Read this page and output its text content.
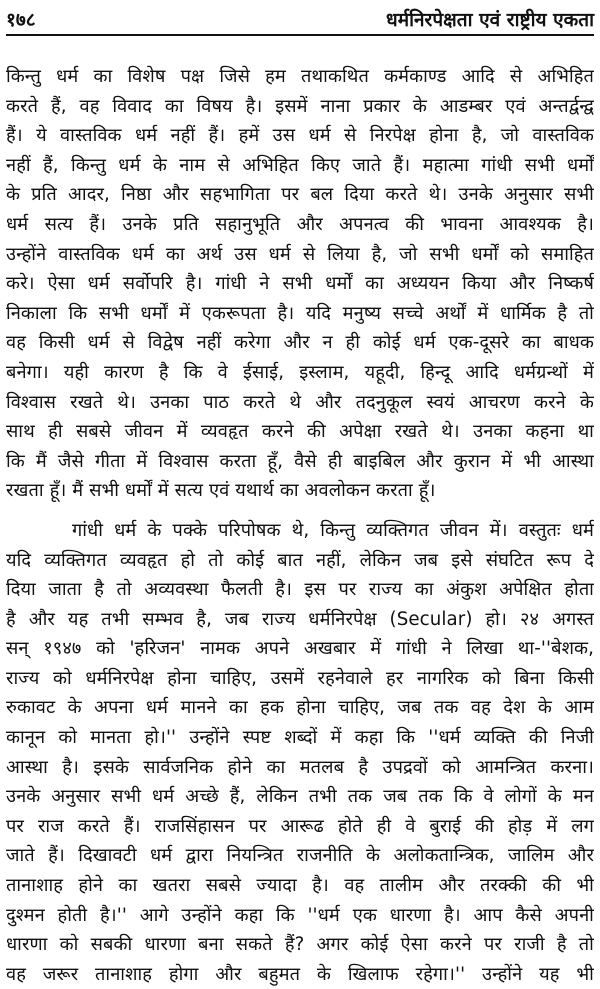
१७८	धर्मनिरपेक्षता एवं राष्ट्रीय एकता

किन्तु धर्म का विशेष पक्ष जिसे हम तथाकथित कर्मकाण्ड आदि से अभिहित
करते हैं, वह विवाद का विषय है। इसमें नाना प्रकार के आडम्बर एवं अन्तर्द्वन्द्व
हैं। ये वास्तविक धर्म नहीं हैं। हमें उस धर्म से निरपेक्ष होना है, जो वास्तविक
नहीं हैं, किन्तु धर्म के नाम से अभिहित किए जाते हैं। महात्मा गांधी सभी धर्मों
के प्रति आदर, निष्ठा और सहभागिता पर बल दिया करते थे। उनके अनुसार सभी
धर्म सत्य हैं। उनके प्रति सहानुभूति और अपनत्व की भावना आवश्यक है।
उन्होंने वास्तविक धर्म का अर्थ उस धर्म से लिया है, जो सभी धर्मों को समाहित
करे। ऐसा धर्म सर्वोपरि है। गांधी ने सभी धर्मों का अध्ययन किया और निष्कर्ष
निकाला कि सभी धर्मों में एकरूपता है। यदि मनुष्य सच्चे अर्थों में धार्मिक है तो
वह किसी धर्म से विद्वेष नहीं करेगा और न ही कोई धर्म एक-दूसरे का बाधक
बनेगा। यही कारण है कि वे ईसाई, इस्लाम, यहूदी, हिन्दू आदि धर्मग्रन्थों में
विश्वास रखते थे। उनका पाठ करते थे और तदनुकूल स्वयं आचरण करने के
साथ ही सबसे जीवन में व्यवहृत करने की अपेक्षा रखते थे। उनका कहना था
कि मैं जैसे गीता में विश्वास करता हूँ, वैसे ही बाइबिल और कुरान में भी आस्था
रखता हूँ। मैं सभी धर्मों में सत्य एवं यथार्थ का अवलोकन करता हूँ।

गांधी धर्म के पक्के परिपोषक थे, किन्तु व्यक्तिगत जीवन में। वस्तुतः धर्म
यदि व्यक्तिगत व्यवहृत हो तो कोई बात नहीं, लेकिन जब इसे संघटित रूप दे
दिया जाता है तो अव्यवस्था फैलती है। इस पर राज्य का अंकुश अपेक्षित होता
है और यह तभी सम्भव है, जब राज्य धर्मनिरपेक्ष (Secular) हो। २४ अगस्त
सन् १९४७ को 'हरिजन' नामक अपने अखबार में गांधी ने लिखा था-''बेशक,
राज्य को धर्मनिरपेक्ष होना चाहिए, उसमें रहनेवाले हर नागरिक को बिना किसी
रुकावट के अपना धर्म मानने का हक होना चाहिए, जब तक वह देश के आम
कानून को मानता हो।'' उन्होंने स्पष्ट शब्दों में कहा कि ''धर्म व्यक्ति की निजी
आस्था है। इसके सार्वजनिक होने का मतलब है उपद्रवों को आमन्त्रित करना।
उनके अनुसार सभी धर्म अच्छे हैं, लेकिन तभी तक जब तक कि वे लोगों के मन
पर राज करते हैं। राजसिंहासन पर आरूढ होते ही वे बुराई की होड़ में लग
जाते हैं। दिखावटी धर्म द्वारा नियन्त्रित राजनीति के अलोकतान्त्रिक, जालिम और
तानाशाह होने का खतरा सबसे ज्यादा है। वह तालीम और तरक्की की भी
दुश्मन होती है।'' आगे उन्होंने कहा कि ''धर्म एक धारणा है। आप कैसे अपनी
धारणा को सबकी धारणा बना सकते हैं? अगर कोई ऐसा करने पर राजी है तो
वह जरूर तानाशाह होगा और बहुमत के खिलाफ रहेगा।'' उन्होंने यह भी
